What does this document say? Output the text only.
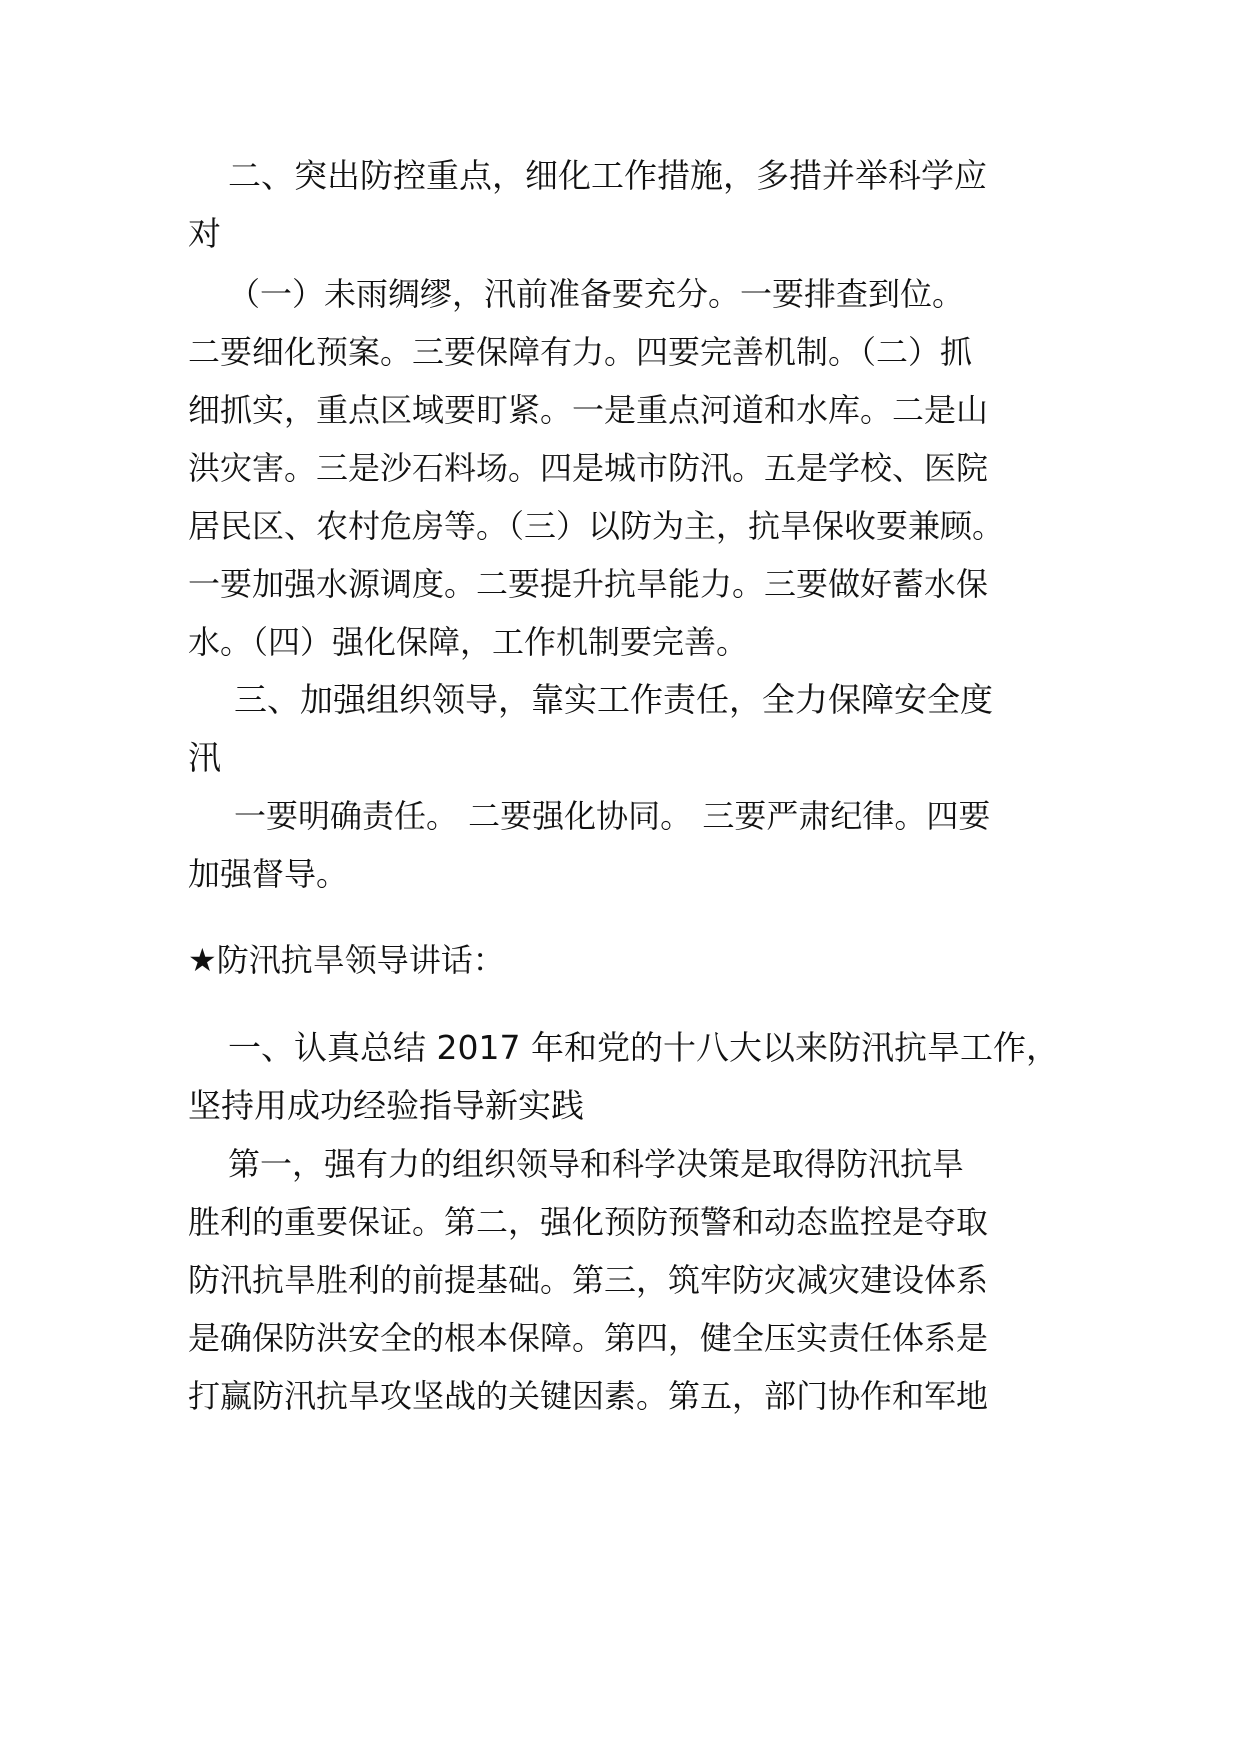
二、突出防控重点，细化工作措施，多措并举科学应
对
（一）未雨绸缪，汛前准备要充分。一要排查到位。
二要细化预案。三要保障有力。四要完善机制。（二）抓
细抓实，重点区域要盯紧。一是重点河道和水库。二是山
洪灾害。三是沙石料场。四是城市防汛。五是学校、医院
居民区、农村危房等。（三）以防为主，抗旱保收要兼顾。
一要加强水源调度。二要提升抗旱能力。三要做好蓄水保
水。（四）强化保障，工作机制要完善。
三、加强组织领导，靠实工作责任，全力保障安全度
汛
一要明确责任。 二要强化协同。 三要严肃纪律。四要
加强督导。
★防汛抗旱领导讲话：
一、认真总结 2017 年和党的十八大以来防汛抗旱工作，
坚持用成功经验指导新实践
第一，强有力的组织领导和科学决策是取得防汛抗旱
胜利的重要保证。第二，强化预防预警和动态监控是夺取
防汛抗旱胜利的前提基础。第三，筑牢防灾减灾建设体系
是确保防洪安全的根本保障。第四，健全压实责任体系是
打赢防汛抗旱攻坚战的关键因素。第五，部门协作和军地
